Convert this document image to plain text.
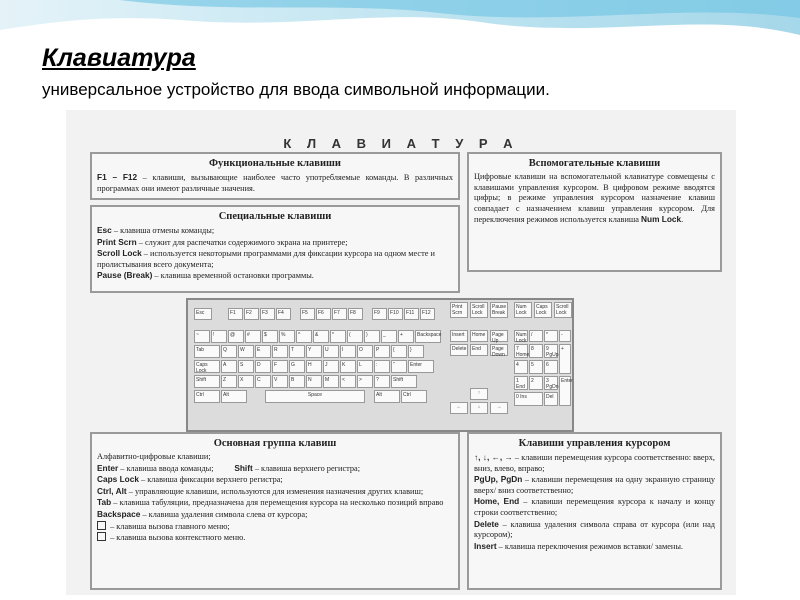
Клавиатура
универсальное устройство для ввода символьной информации.
К Л А В И А Т У Р А
Функциональные клавиши

F1 – F12 – клавиши, вызывающие наиболее часто употребляемые команды. В различных программах они имеют различные значения.

Специальные клавиши

Esc – клавиша отмены команды;

Print Scrn – служит для распечатки содержимого экрана на принтере;

Scroll Lock – используется некоторыми программами для фиксации курсора на одном месте и пролистывания всего документа;

Pause (Break) – клавиша временной остановки программы.

Вспомогательные клавиши

Цифровые клавиши на вспомогательной клавиатуре совмещены с клавишами управления курсором. В цифровом режиме вводятся цифры; в режиме управления курсором назначение клавиш совпадает с назначением клавиш управления курсором. Для переключения режимов используется клавиша Num Lock.

Esc	F1	F2	F3	F4	F5	F6	F7	F8	F9	F10	F11	F12
Print Scrn
Scroll Lock
Pause Break
Num Lock
Caps Lock
Scroll Lock
~	!	@	#	$	%	^	&	*	(	)	_	+	Backspace
Tab	Q	W	E	R	T	Y	U	I	O	P	{	}
Caps Lock
A	S	D	F	G	H	J	K	L	:	"	Enter
Shift	Z	X	C	V	B	N	M	<	>	?	Shift
Ctrl	Alt	Space	Alt	Ctrl
Insert	Home	Page Up
Delete	End	Page Down
↑
←	↓	→
Num Lock
/	*	-
7 Home
8	9 PgUp
+
4	5	6
1 End
2	3 PgDn
Enter
0 Ins	Del
Основная группа клавиш

Алфавитно-цифровые клавиши;

Enter – клавиша ввода команды;	Shift – клавиша верхнего регистра;

Caps Lock – клавиша фиксации верхнего регистра;

Ctrl, Alt – управляющие клавиши, используются для изменения назначения других клавиш;

Tab – клавиша табуляции, предназначена для перемещения курсора на несколько позиций вправо

Backspace – клавиша удаления символа слева от курсора;

– клавиша вызова главного меню;

– клавиша вызова контекстного меню.

Клавиши управления курсором

↑, ↓, ←, → – клавиши перемещения курсора соответственно: вверх, вниз, влево, вправо;

PgUp, PgDn – клавиши перемещения на одну экранную страницу вверх/ вниз соответственно;

Home, End – клавиши перемещения курсора к началу и концу строки соответственно;

Delete – клавиша удаления символа справа от курсора (или над курсором);

Insert – клавиша переключения режимов вставки/ замены.
